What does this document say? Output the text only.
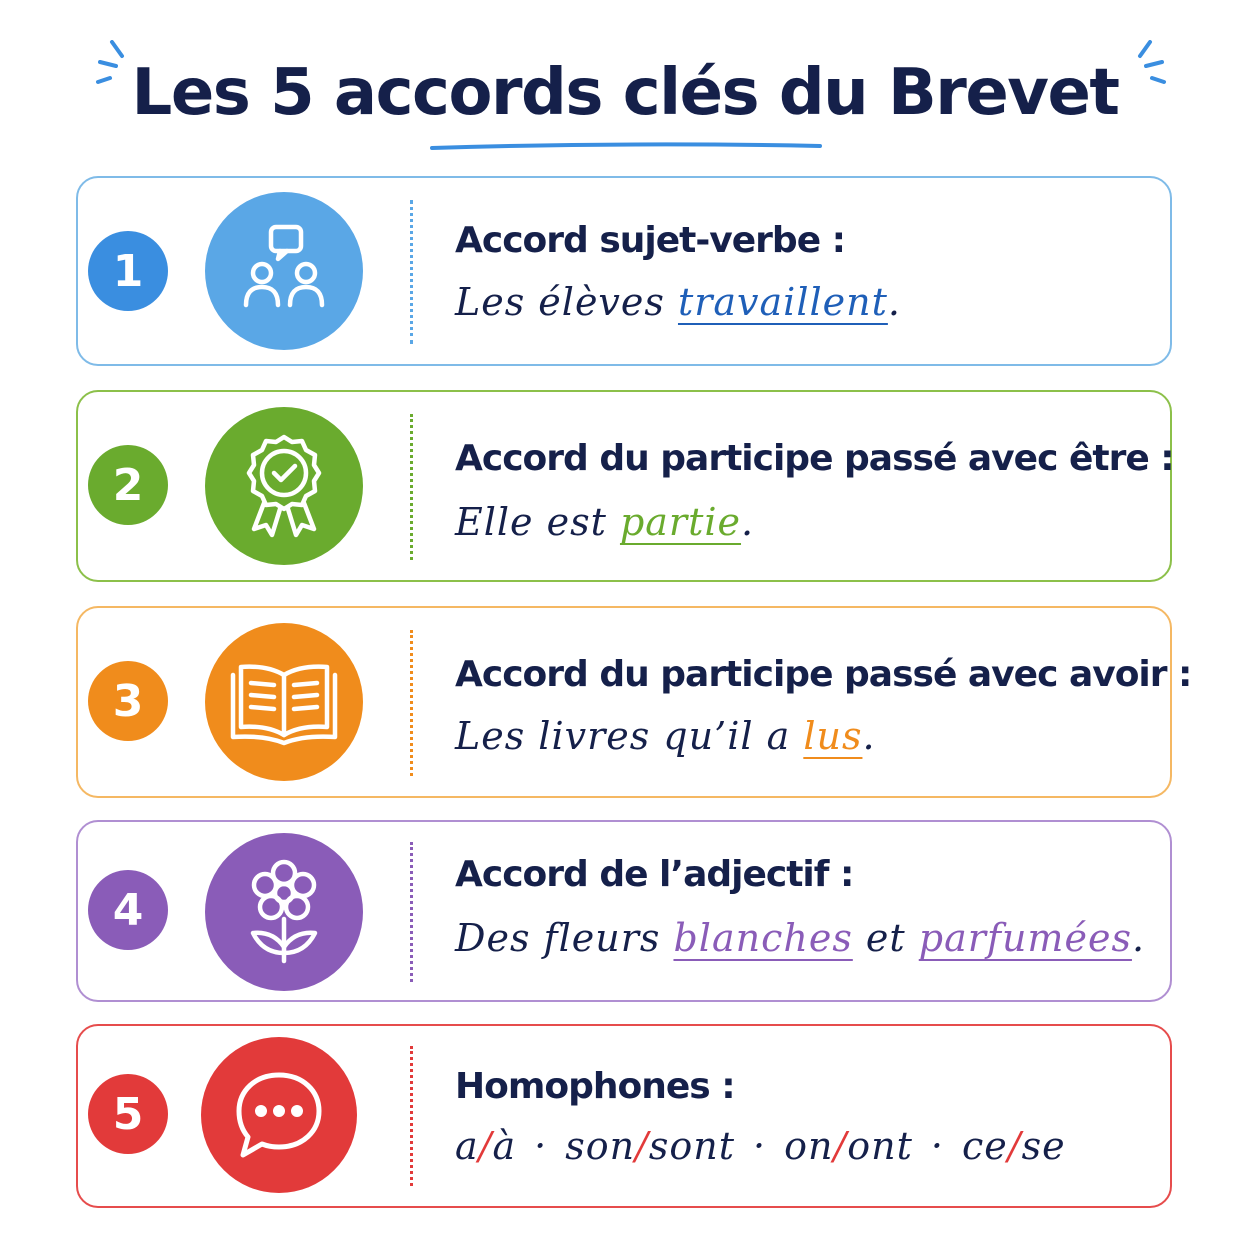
Les 5 accords clés du Brevet
1
Accord sujet-verbe :
Les élèves travaillent.
2
Accord du participe passé avec être :
Elle est partie.
3
Accord du participe passé avec avoir :
Les livres qu’il a lus.
4
Accord de l’adjectif :
Des fleurs blanches et parfumées.
5
Homophones :
a/à · son/sont · on/ont · ce/se
